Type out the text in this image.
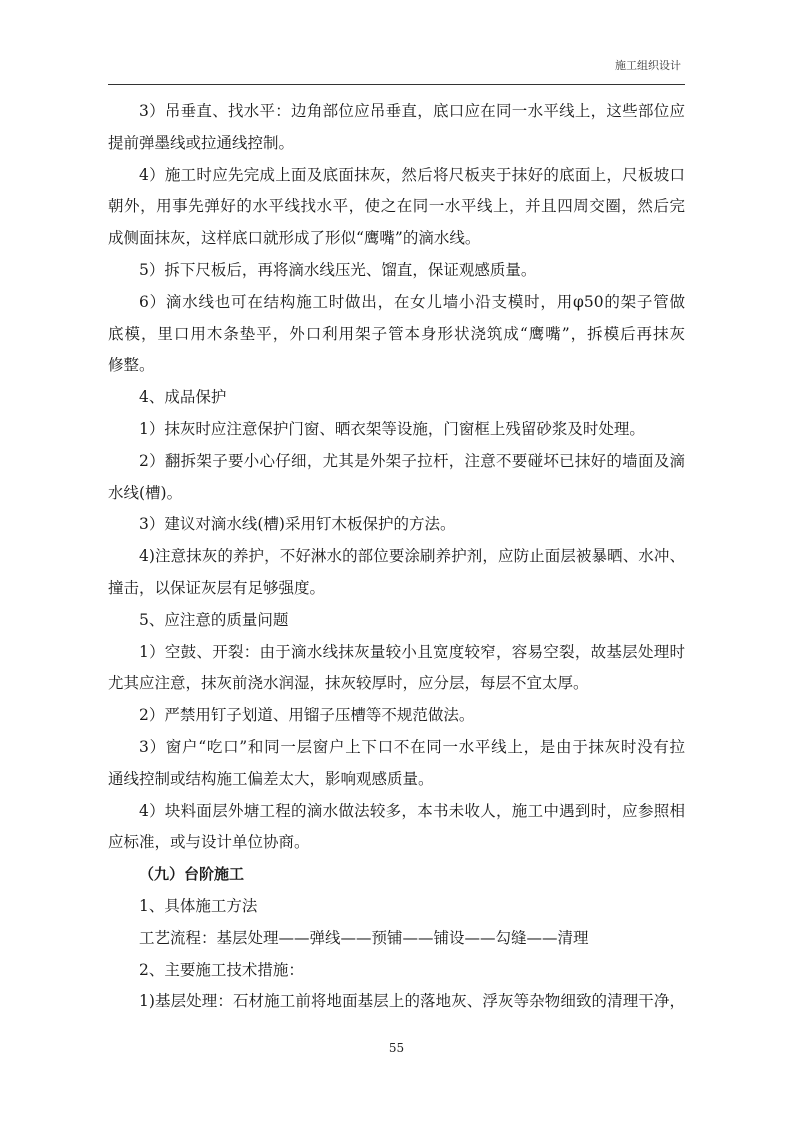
施工组织设计
3）吊垂直、找水平：边角部位应吊垂直，底口应在同一水平线上，这些部位应
提前弹墨线或拉通线控制。
4）施工时应先完成上面及底面抹灰，然后将尺板夹于抹好的底面上，尺板坡口
朝外，用事先弹好的水平线找水平，使之在同一水平线上，并且四周交圈，然后完
成侧面抹灰，这样底口就形成了形似“鹰嘴”的滴水线。
5）拆下尺板后，再将滴水线压光、馏直，保证观感质量。
6）滴水线也可在结构施工时做出，在女儿墙小沿支模时，用φ50的架子管做
底模，里口用木条垫平，外口利用架子管本身形状浇筑成“鹰嘴”，拆模后再抹灰
修整。
4、成品保护
1）抹灰时应注意保护门窗、晒衣架等设施，门窗框上残留砂浆及时处理。
2）翻拆架子要小心仔细，尤其是外架子拉杆，注意不要碰坏已抹好的墙面及滴
水线(槽)。
3）建议对滴水线(槽)采用钉木板保护的方法。
4)注意抹灰的养护，不好淋水的部位要涂刷养护剂，应防止面层被暴晒、水冲、
撞击，以保证灰层有足够强度。
5、应注意的质量问题
1）空鼓、开裂：由于滴水线抹灰量较小且宽度较窄，容易空裂，故基层处理时
尤其应注意，抹灰前浇水润湿，抹灰较厚时，应分层，每层不宜太厚。
2）严禁用钉子划道、用镏子压槽等不规范做法。
3）窗户“吃口”和同一层窗户上下口不在同一水平线上，是由于抹灰时没有拉
通线控制或结构施工偏差太大，影响观感质量。
4）块料面层外塘工程的滴水做法较多，本书未收人，施工中遇到时，应参照相
应标准，或与设计单位协商。
（九）台阶施工
1、具体施工方法
工艺流程：基层处理——弹线——预铺——铺设——勾缝——清理
2、主要施工技术措施：
1)基层处理：石材施工前将地面基层上的落地灰、浮灰等杂物细致的清理干净，
55
